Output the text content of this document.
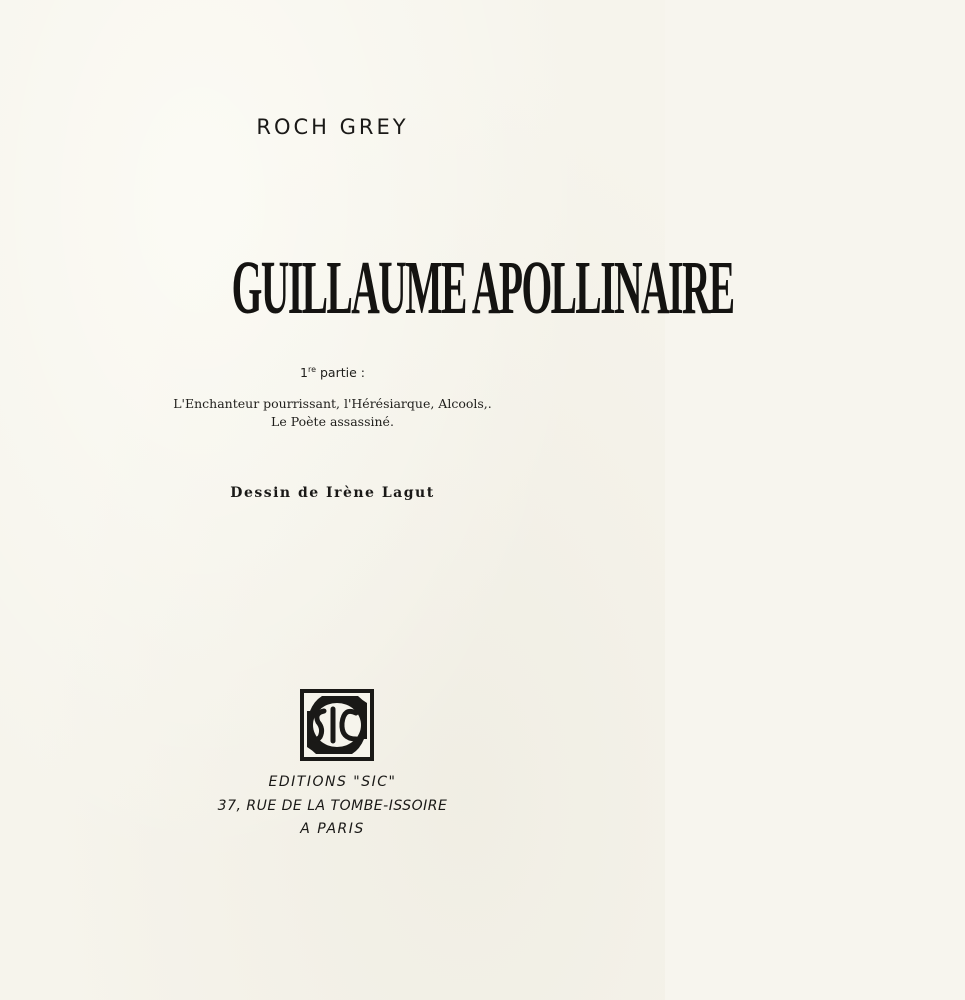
ROCH GREY
GUILLAUME APOLLINAIRE
1re partie :
L'Enchanteur pourrissant, l'Hérésiarque, Alcools,.
Le Poète assassiné.
Dessin de Irène Lagut
EDITIONS "SIC"
37, RUE DE LA TOMBE-ISSOIRE
A PARIS
